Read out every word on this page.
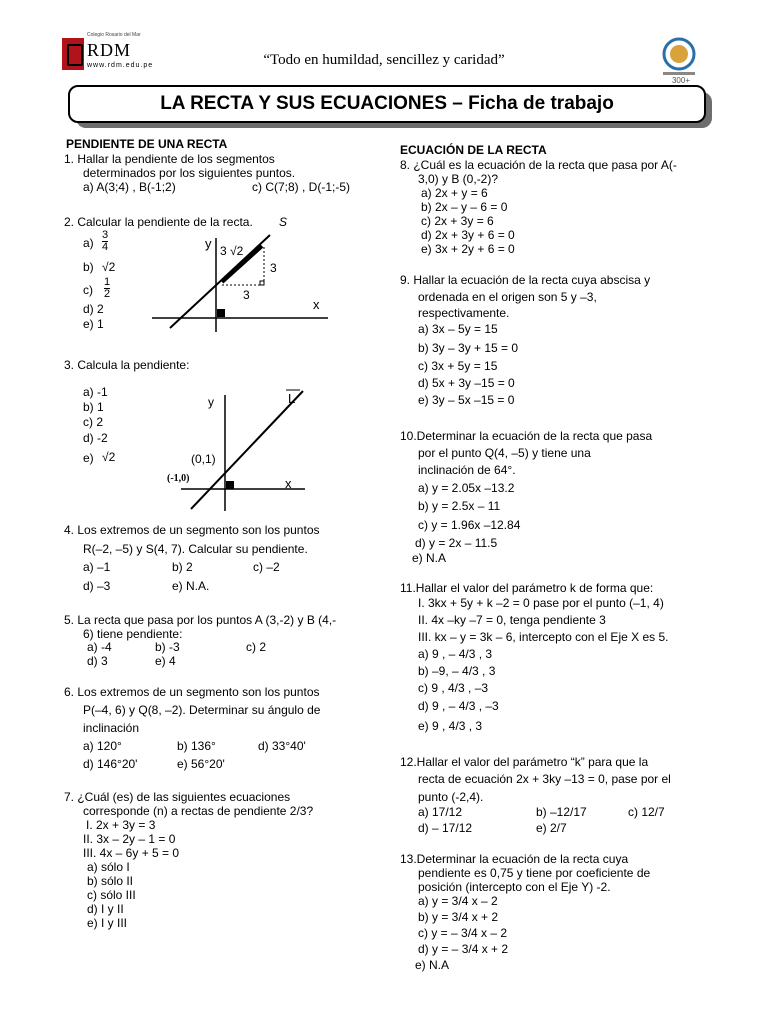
Colegio Rosario del Mar
RDM
www.rdm.edu.pe	“Todo en humildad, sencillez y caridad”
300+
LA RECTA Y SUS ECUACIONES – Ficha de trabajo
PENDIENTE DE UNA RECTA
1. Hallar la pendiente de los segmentos
determinados por los siguientes puntos.
a) A(3;4) , B(-1;2)	c) C(7;8) , D(-1;-5)
2. Calcular la pendiente de la recta. S
$a) \frac{3}{4}$
b) √2
$c) \frac{1}{2}$
d) 2
e) 1
y
x
3 √2
3
3
3. Calcula la pendiente:
a) -1
b) 1
c) 2
d) -2
e) √2
y
x
L
(0,1)
(-1,0)
4. Los extremos de un segmento son los puntos
R(–2, –5) y S(4, 7). Calcular su pendiente.
a) –1	b) 2	c) –2
d) –3	e) N.A.
5. La recta que pasa por los puntos A (3,-2) y B (4,-
6) tiene pendiente:
a) -4	b) -3	c) 2
d) 3	e) 4
6. Los extremos de un segmento son los puntos
P(–4, 6) y Q(8, –2). Determinar su ángulo de
inclinación
a) 120°	b) 136°	d) 33°40'
d) 146°20'	e) 56°20'
7. ¿Cuál (es) de las siguientes ecuaciones
corresponde (n) a rectas de pendiente 2/3?
I. 2x + 3y = 3
II. 3x – 2y – 1 = 0
III. 4x – 6y + 5 = 0
a) sólo I
b) sólo II
c) sólo III
d) I y II
e) I y III
ECUACIÓN DE LA RECTA
8. ¿Cuál es la ecuación de la recta que pasa por A(-
3,0) y B (0,-2)?
a) 2x + y = 6
b) 2x – y – 6 = 0
c) 2x + 3y = 6
d) 2x + 3y + 6 = 0
e) 3x + 2y + 6 = 0
9. Hallar la ecuación de la recta cuya abscisa y
ordenada en el origen son 5 y –3,
respectivamente.
a) 3x – 5y = 15
b) 3y – 3y + 15 = 0
c) 3x + 5y = 15
d) 5x + 3y –15 = 0
e) 3y – 5x –15 = 0
10.Determinar la ecuación de la recta que pasa
por el punto Q(4, –5) y tiene una
inclinación de 64°.
a) y = 2.05x –13.2
b) y = 2.5x – 11
c) y = 1.96x –12.84
d) y = 2x – 11.5
e) N.A
11.Hallar el valor del parámetro k de forma que:
I. 3kx + 5y + k –2 = 0 pase por el punto (–1, 4)
II. 4x –ky –7 = 0, tenga pendiente 3
III. kx – y = 3k – 6, intercepto con el Eje X es 5.
a) 9 , – 4/3 , 3
b) –9, – 4/3 , 3
c) 9 , 4/3 , –3
d) 9 , – 4/3 , –3
e) 9 , 4/3 , 3
12.Hallar el valor del parámetro “k” para que la
recta de ecuación 2x + 3ky –13 = 0, pase por el
punto (-2,4).
a) 17/12	b) –12/17	c) 12/7
d) – 17/12	e) 2/7
13.Determinar la ecuación de la recta cuya
pendiente es 0,75 y tiene por coeficiente de
posición (intercepto con el Eje Y) -2.
a) y = 3/4 x – 2
b) y = 3/4 x + 2
c) y = – 3/4 x – 2
d) y = – 3/4 x + 2
e) N.A
